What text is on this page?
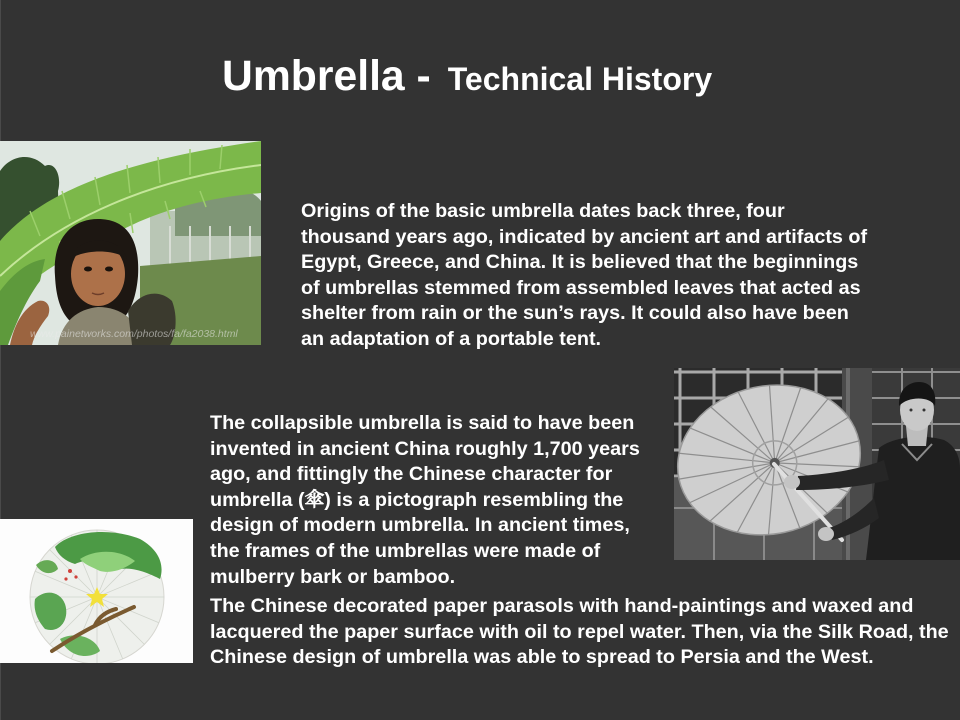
Umbrella - Technical History
www.painetworks.com/photos/fa/fa2038.html
Origins of the basic umbrella dates back three, four
thousand years ago, indicated by ancient art and artifacts of
Egypt, Greece, and China. It is believed that the beginnings
of umbrellas stemmed from assembled leaves that acted as
shelter from rain or the sun’s rays. It could also have been
an adaptation of a portable tent.
The collapsible umbrella is said to have been
invented in ancient China roughly 1,700 years
ago, and fittingly the Chinese character for
umbrella (傘) is a pictograph resembling the
design of modern umbrella. In ancient times,
the frames of the umbrellas were made of
mulberry bark or bamboo.
The Chinese decorated paper parasols with hand-paintings and waxed and
lacquered the paper surface with oil to repel water. Then, via the Silk Road, the
Chinese design of umbrella was able to spread to Persia and the West.
